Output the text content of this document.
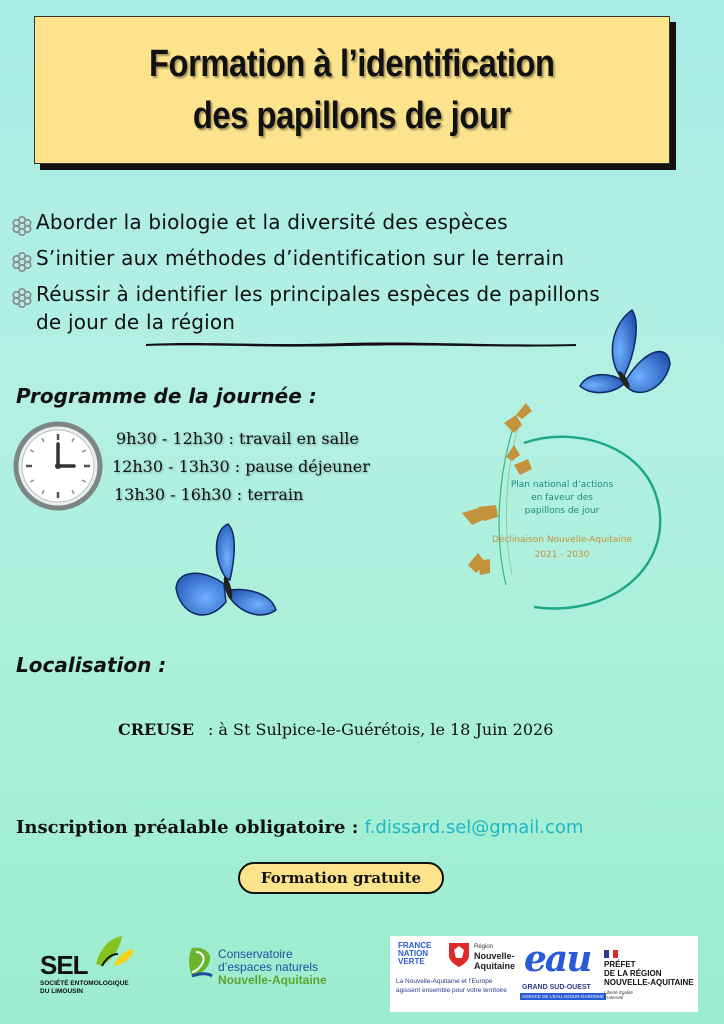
Formation à l’identification
des papillons de jour
Aborder la biologie et la diversité des espèces
S’initier aux méthodes d’identification sur le terrain
Réussir à identifier les principales espèces de papillons
de jour de la région
Programme de la journée :
9h30 - 12h30 : travail en salle
12h30 - 13h30 : pause déjeuner
13h30 - 16h30 : terrain	Plan national d’actions
en faveur des
papillons de jour
Déclinaison Nouvelle-Aquitaine
2021 - 2030
Localisation :
CREUSE : à St Sulpice-le-Guérétois, le 18 Juin 2026
Inscription préalable obligatoire : f.dissard.sel@gmail.com
Formation gratuite
SEL
SOCIÉTÉ ENTOMOLOGIQUE DU LIMOUSIN
Conservatoire
d’espaces naturels
Nouvelle-Aquitaine
FRANCE NATION VERTE
Région
Nouvelle-Aquitaine
La Nouvelle-Aquitaine et l’Europe
agissent ensemble pour votre territoire
eau
GRAND SUD-OUEST
AGENCE DE L’EAU ADOUR-GARONNE
PRÉFET
DE LA RÉGION
NOUVELLE-AQUITAINE
Liberté Égalité Fraternité
